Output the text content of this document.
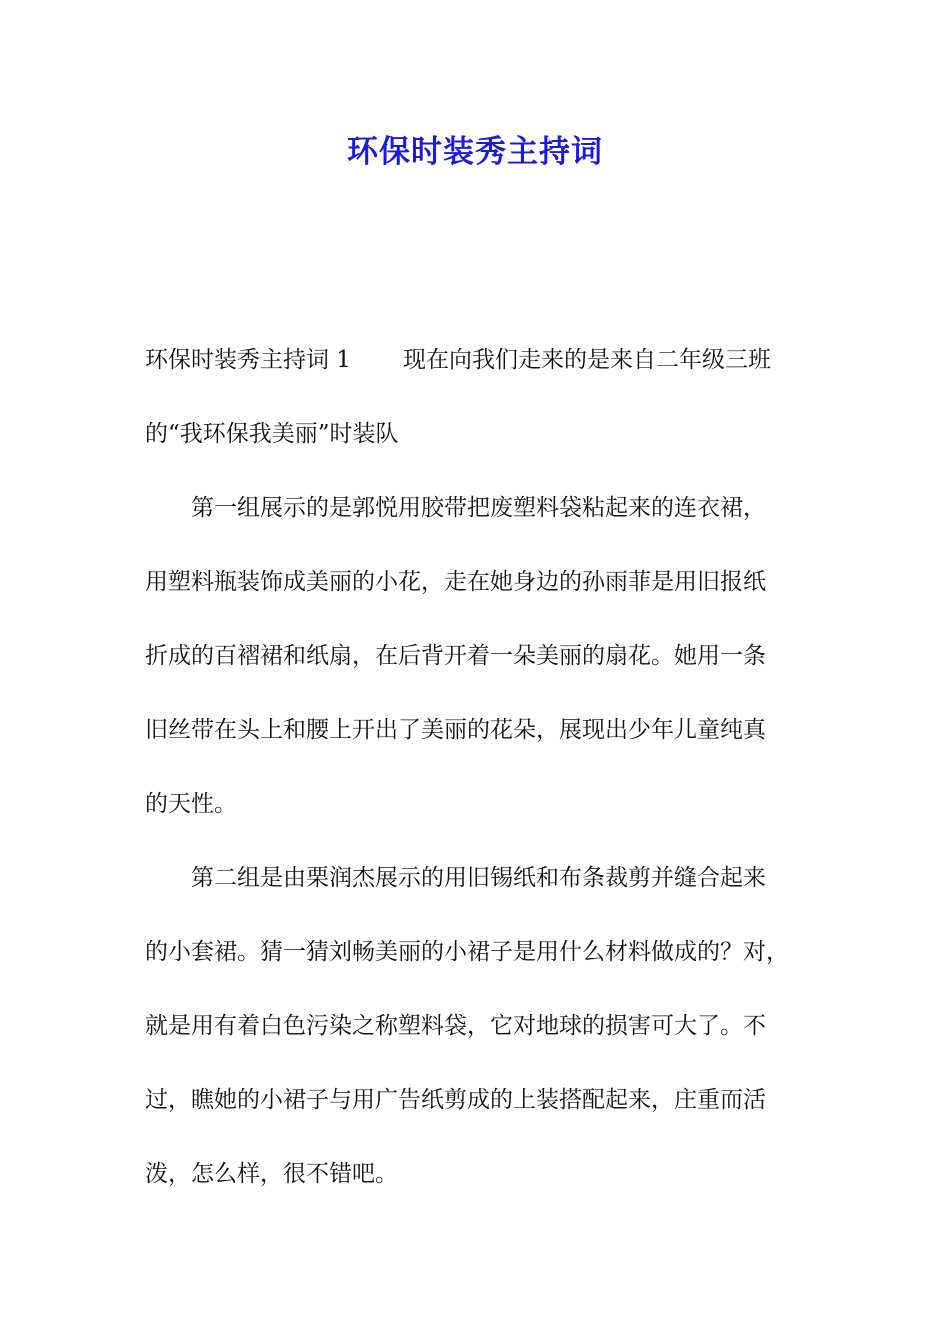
环保时装秀主持词
环保时装秀主持词 1 现在向我们走来的是来自二年级三班
的“我环保我美丽”时装队
第一组展示的是郭悦用胶带把废塑料袋粘起来的连衣裙，
用塑料瓶装饰成美丽的小花，走在她身边的孙雨菲是用旧报纸
折成的百褶裙和纸扇，在后背开着一朵美丽的扇花。她用一条
旧丝带在头上和腰上开出了美丽的花朵，展现出少年儿童纯真
的天性。
第二组是由栗润杰展示的用旧锡纸和布条裁剪并缝合起来
的小套裙。猜一猜刘畅美丽的小裙子是用什么材料做成的？对，
就是用有着白色污染之称塑料袋，它对地球的损害可大了。不
过，瞧她的小裙子与用广告纸剪成的上装搭配起来，庄重而活
泼，怎么样，很不错吧。
